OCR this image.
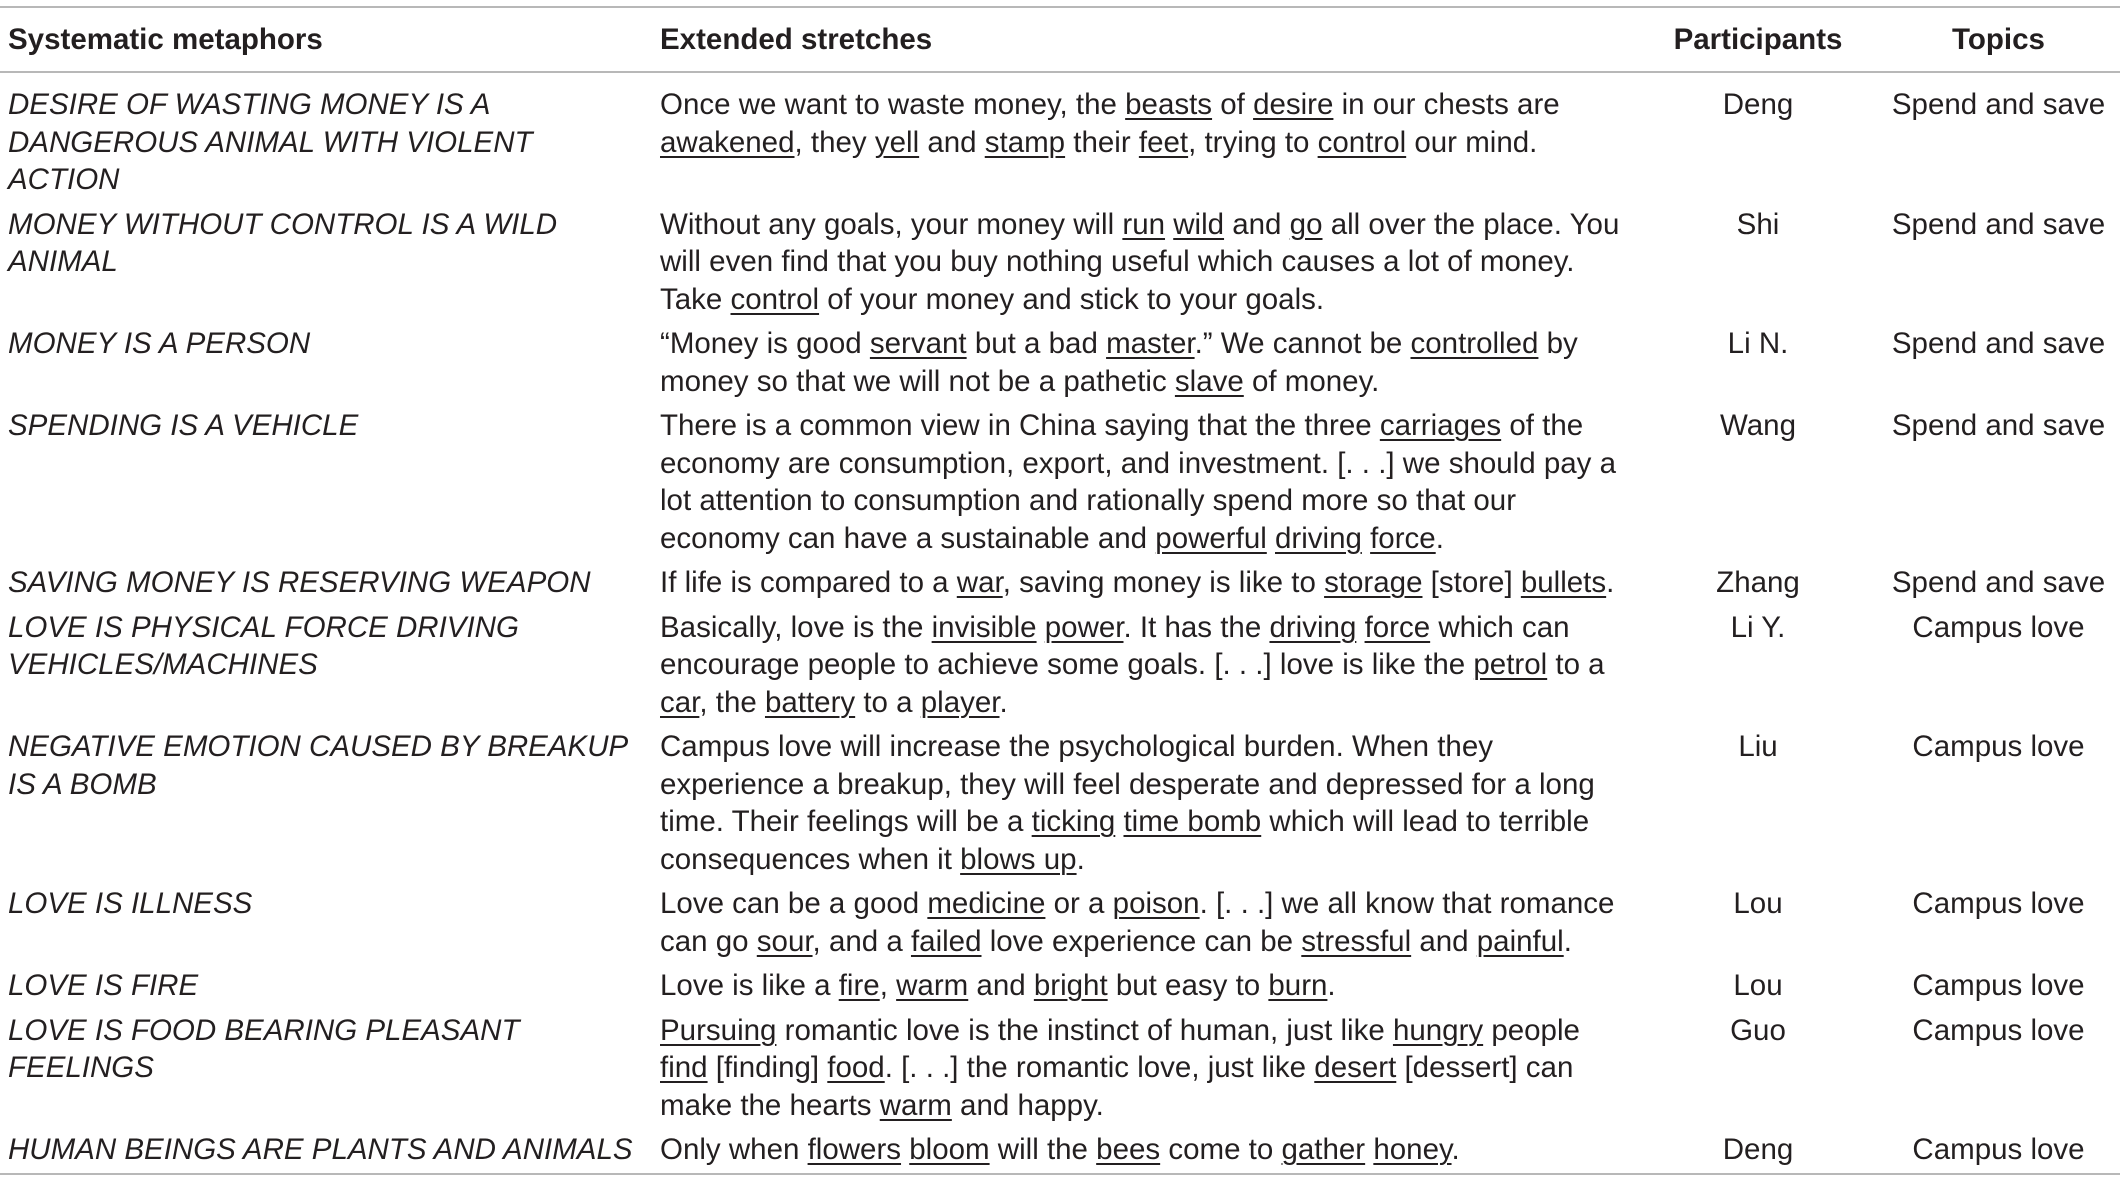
Systematic metaphors	Extended stretches	Participants	Topics
DESIRE OF WASTING MONEY IS A DANGEROUS ANIMAL WITH VIOLENT ACTION	Once we want to waste money, the beasts of desire in our chests are awakened, they yell and stamp their feet, trying to control our mind.	Deng	Spend and save
MONEY WITHOUT CONTROL IS A WILD ANIMAL	Without any goals, your money will run wild and go all over the place. You will even find that you buy nothing useful which causes a lot of money. Take control of your money and stick to your goals.	Shi	Spend and save
MONEY IS A PERSON	“Money is good servant but a bad master.” We cannot be controlled by money so that we will not be a pathetic slave of money.	Li N.	Spend and save
SPENDING IS A VEHICLE	There is a common view in China saying that the three carriages of the economy are consumption, export, and investment. [. . .] we should pay a lot attention to consumption and rationally spend more so that our economy can have a sustainable and powerful driving force.	Wang	Spend and save
SAVING MONEY IS RESERVING WEAPON	If life is compared to a war, saving money is like to storage [store] bullets.	Zhang	Spend and save
LOVE IS PHYSICAL FORCE DRIVING VEHICLES/MACHINES	Basically, love is the invisible power. It has the driving force which can encourage people to achieve some goals. [. . .] love is like the petrol to a car, the battery to a player.	Li Y.	Campus love
NEGATIVE EMOTION CAUSED BY BREAKUP IS A BOMB	Campus love will increase the psychological burden. When they experience a breakup, they will feel desperate and depressed for a long time. Their feelings will be a ticking time bomb which will lead to terrible consequences when it blows up.	Liu	Campus love
LOVE IS ILLNESS	Love can be a good medicine or a poison. [. . .] we all know that romance can go sour, and a failed love experience can be stressful and painful.	Lou	Campus love
LOVE IS FIRE	Love is like a fire, warm and bright but easy to burn.	Lou	Campus love
LOVE IS FOOD BEARING PLEASANT FEELINGS	Pursuing romantic love is the instinct of human, just like hungry people find [finding] food. [. . .] the romantic love, just like desert [dessert] can make the hearts warm and happy.	Guo	Campus love
HUMAN BEINGS ARE PLANTS AND ANIMALS	Only when flowers bloom will the bees come to gather honey.	Deng	Campus love
